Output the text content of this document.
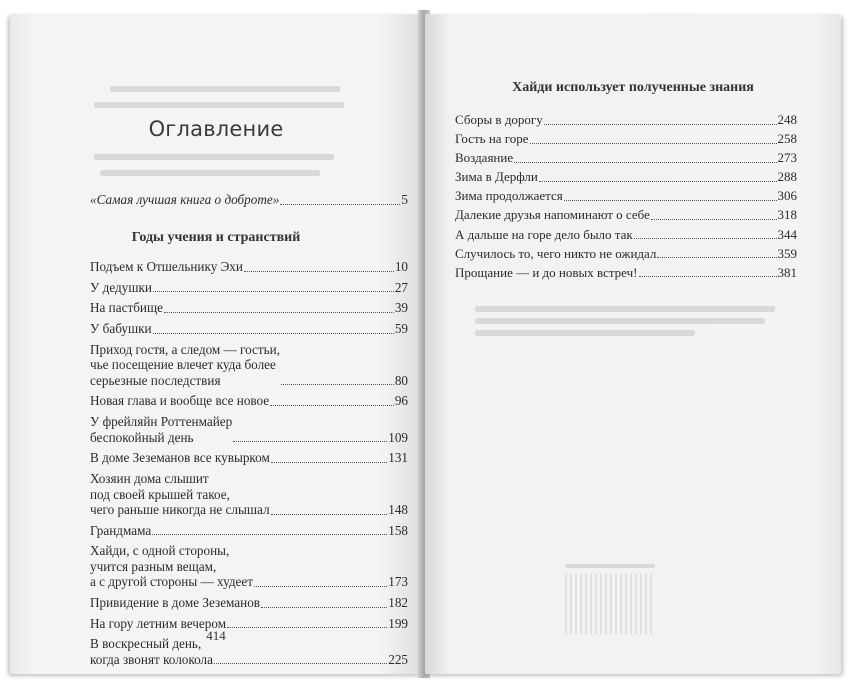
Оглавление
«Самая лучшая книга о доброте»	5
Годы учения и странствий
Подъем к Отшельнику Эхи	10
У дедушки	27
На пастбище	39
У бабушки	59
Приход гостя, а следом — гостьи,
чье посещение влечет куда более
серьезные последствия	80
Новая глава и вообще все новое	96
У фрейляйн Роттенмайер
беспокойный день	109
В доме Зеземанов все кувырком	131
Хозяин дома слышит
под своей крышей такое,
чего раньше никогда не слышал	148
Грандмама	158
Хайди, с одной стороны,
учится разным вещам,
а с другой стороны — худеет	173
Привидение в доме Зеземанов	182
На гору летним вечером	199
В воскресный день,
когда звонят колокола	225
414
Хайди использует полученные знания
Сборы в дорогу	248
Гость на горе	258
Воздаяние	273
Зима в Дерфли	288
Зима продолжается	306
Далекие друзья напоминают о себе	318
А дальше на горе дело было так	344
Случилось то, чего никто не ожидал	359
Прощание — и до новых встреч!	381
